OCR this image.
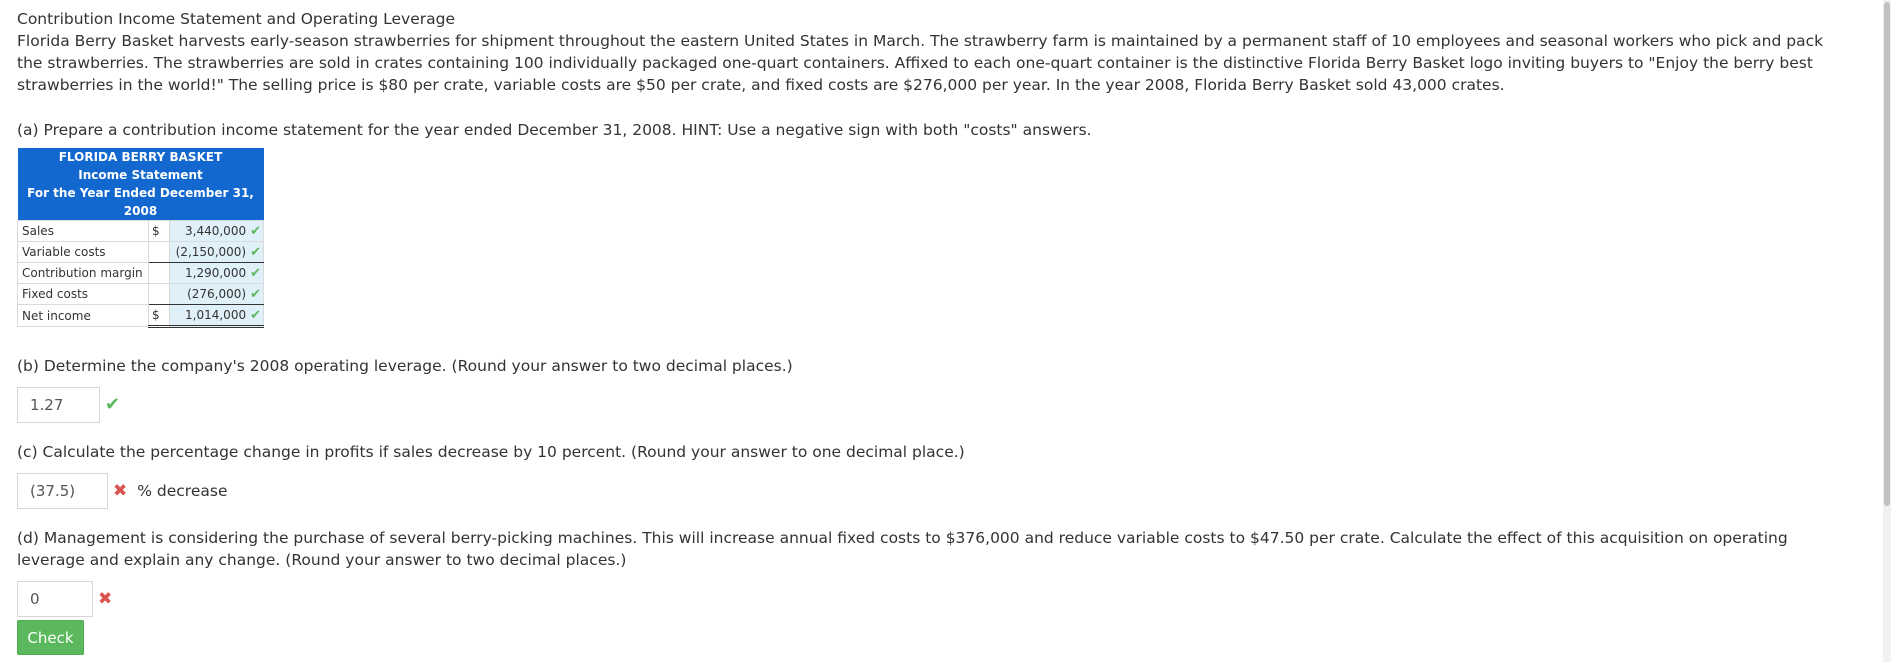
Contribution Income Statement and Operating Leverage

Florida Berry Basket harvests early-season strawberries for shipment throughout the eastern United States in March. The strawberry farm is maintained by a permanent staff of 10 employees and seasonal workers who pick and pack the strawberries. The strawberries are sold in crates containing 100 individually packaged one-quart containers. Affixed to each one-quart container is the distinctive Florida Berry Basket logo inviting buyers to "Enjoy the berry best strawberries in the world!" The selling price is $80 per crate, variable costs are $50 per crate, and fixed costs are $276,000 per year. In the year 2008, Florida Berry Basket sold 43,000 crates.

(a) Prepare a contribution income statement for the year ended December 31, 2008. HINT: Use a negative sign with both "costs" answers.

FLORIDA BERRY BASKET		
Income Statement		
For the Year Ended December 31, 2008		
Sales	$	3,440,000 ✔
Variable costs		(2,150,000) ✔
Contribution margin		1,290,000 ✔
Fixed costs		(276,000) ✔
Net income	$	1,014,000 ✔

(b) Determine the company's 2008 operating leverage. (Round your answer to two decimal places.)

1.27	✔

(c) Calculate the percentage change in profits if sales decrease by 10 percent. (Round your answer to one decimal place.)

(37.5)	✖ % decrease

(d) Management is considering the purchase of several berry-picking machines. This will increase annual fixed costs to $376,000 and reduce variable costs to $47.50 per crate. Calculate the effect of this acquisition on operating leverage and explain any change. (Round your answer to two decimal places.)

0	✖
Check
